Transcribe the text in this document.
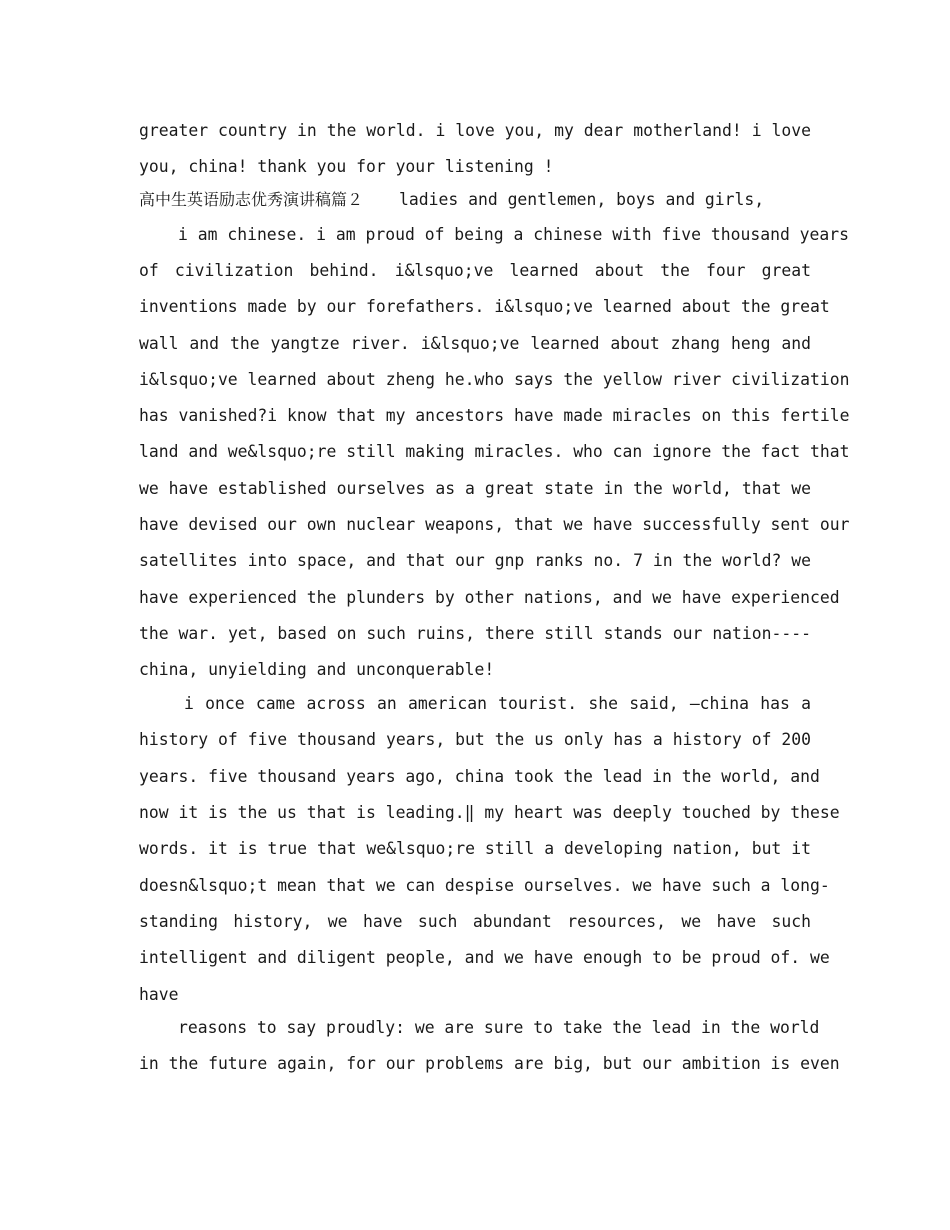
greater country in the world. i love you, my dear motherland! i love
you, china! thank you for your listening !
高中生英语励志优秀演讲稿篇２ ladies and gentlemen, boys and girls,
i am chinese. i am proud of being a chinese with five thousand years
of civilization behind. i&lsquo;ve learned about the four great
inventions made by our forefathers. i&lsquo;ve learned about the great
wall and the yangtze river. i&lsquo;ve learned about zhang heng and
i&lsquo;ve learned about zheng he.who says the yellow river civilization
has vanished?i know that my ancestors have made miracles on this fertile
land and we&lsquo;re still making miracles. who can ignore the fact that
we have established ourselves as a great state in the world, that we
have devised our own nuclear weapons, that we have successfully sent our
satellites into space, and that our gnp ranks no. 7 in the world? we
have experienced the plunders by other nations, and we have experienced
the war. yet, based on such ruins, there still stands our nation----
china, unyielding and unconquerable!
i once came across an american tourist. she said, —china has a
history of five thousand years, but the us only has a history of 200
years. five thousand years ago, china took the lead in the world, and
now it is the us that is leading.‖ my heart was deeply touched by these
words. it is true that we&lsquo;re still a developing nation, but it
doesn&lsquo;t mean that we can despise ourselves. we have such a long-
standing history, we have such abundant resources, we have such
intelligent and diligent people, and we have enough to be proud of. we
have
reasons to say proudly: we are sure to take the lead in the world
in the future again, for our problems are big, but our ambition is even
